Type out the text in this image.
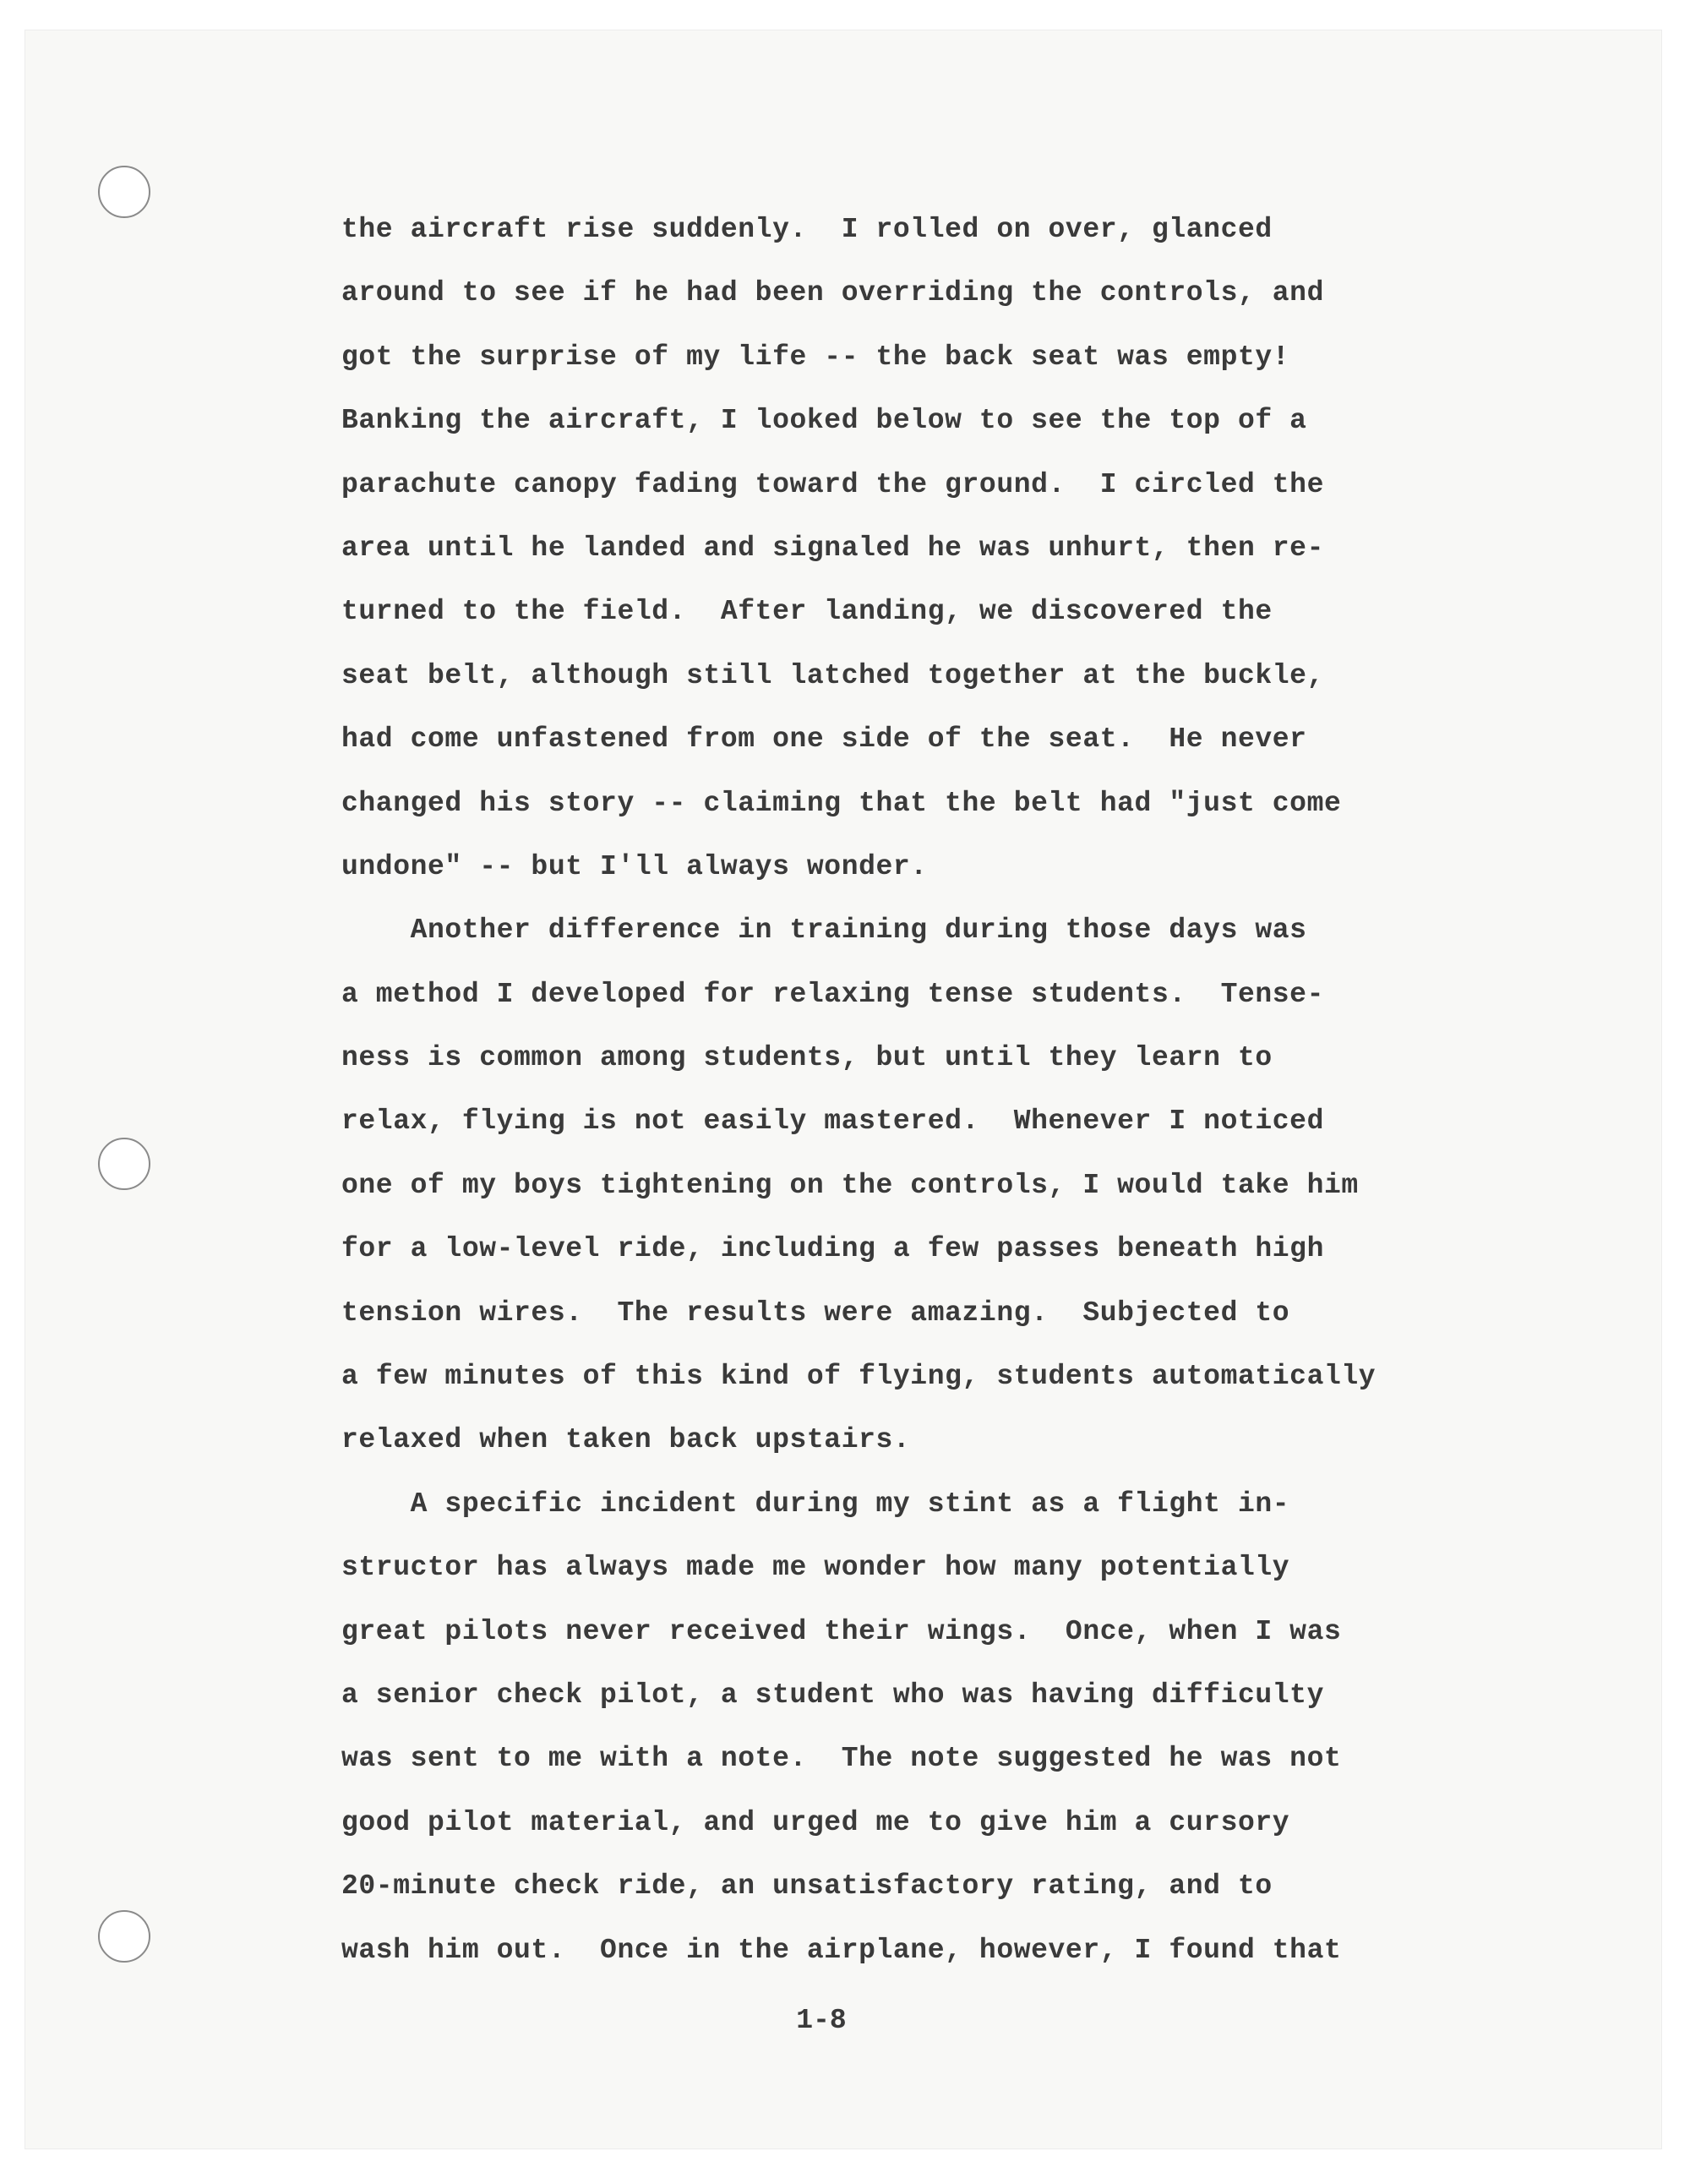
the aircraft rise suddenly.  I rolled on over, glanced
around to see if he had been overriding the controls, and
got the surprise of my life -- the back seat was empty!
Banking the aircraft, I looked below to see the top of a
parachute canopy fading toward the ground.  I circled the
area until he landed and signaled he was unhurt, then re-
turned to the field.  After landing, we discovered the
seat belt, although still latched together at the buckle,
had come unfastened from one side of the seat.  He never
changed his story -- claiming that the belt had "just come
undone" -- but I'll always wonder.
Another difference in training during those days was
a method I developed for relaxing tense students.  Tense-
ness is common among students, but until they learn to
relax, flying is not easily mastered.  Whenever I noticed
one of my boys tightening on the controls, I would take him
for a low-level ride, including a few passes beneath high
tension wires.  The results were amazing.  Subjected to
a few minutes of this kind of flying, students automatically
relaxed when taken back upstairs.
A specific incident during my stint as a flight in-
structor has always made me wonder how many potentially
great pilots never received their wings.  Once, when I was
a senior check pilot, a student who was having difficulty
was sent to me with a note.  The note suggested he was not
good pilot material, and urged me to give him a cursory
20-minute check ride, an unsatisfactory rating, and to
wash him out.  Once in the airplane, however, I found that
1-8
